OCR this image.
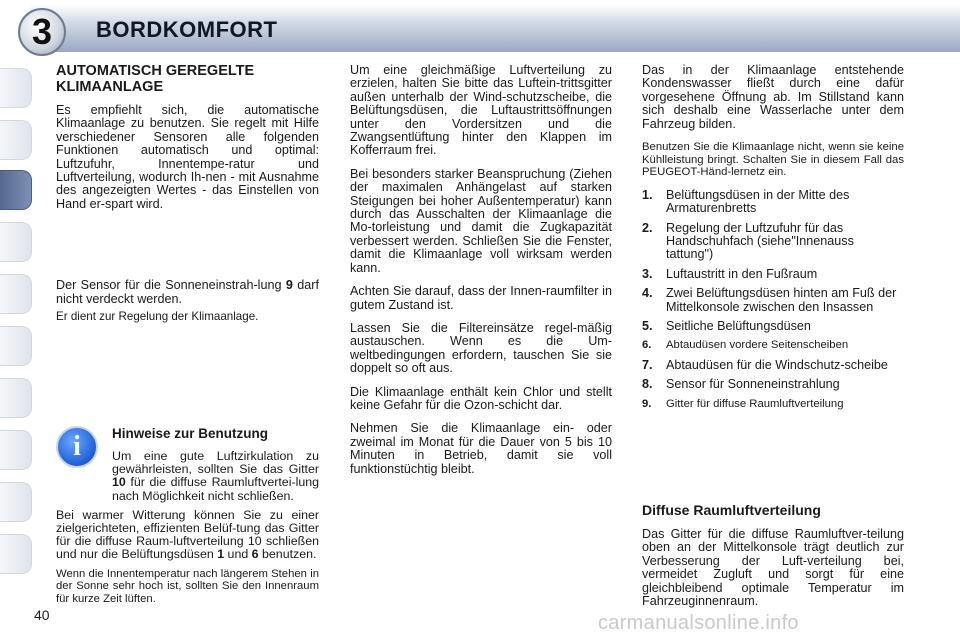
3 BORDKOMFORT
AUTOMATISCH GEREGELTE KLIMAANLAGE

Es empfiehlt sich, die automatische Klimaanlage zu benutzen. Sie regelt mit Hilfe verschiedener Sensoren alle folgenden Funktionen automatisch und optimal: Luftzufuhr, Innentempe-ratur und Luftverteilung, wodurch Ih-nen - mit Ausnahme des angezeigten Wertes - das Einstellen von Hand er-spart wird.

Der Sensor für die Sonneneinstrah-lung 9 darf nicht verdeckt werden.

Er dient zur Regelung der Klimaanlage.

i Hinweise zur Benutzung

Um eine gute Luftzirkulation zu gewährleisten, sollten Sie das Gitter 10 für die diffuse Raumluftvertei-lung nach Möglichkeit nicht schließen.

Bei warmer Witterung können Sie zu einer zielgerichteten, effizienten Belüf-tung das Gitter für die diffuse Raum-luftverteilung 10 schließen und nur die Belüftungsdüsen 1 und 6 benutzen.

Wenn die Innentemperatur nach längerem Stehen in der Sonne sehr hoch ist, sollten Sie den Innenraum für kurze Zeit lüften.

Um eine gleichmäßige Luftverteilung zu erzielen, halten Sie bitte das Luftein-trittsgitter außen unterhalb der Wind-schutzscheibe, die Belüftungsdüsen, die Luftaustrittsöffnungen unter den Vordersitzen und die Zwangsentlüftung hinter den Klappen im Kofferraum frei.

Bei besonders starker Beanspruchung (Ziehen der maximalen Anhängelast auf starken Steigungen bei hoher Außentemperatur) kann durch das Ausschalten der Klimaanlage die Mo-torleistung und damit die Zugkapazität verbessert werden. Schließen Sie die Fenster, damit die Klimaanlage voll wirksam werden kann.

Achten Sie darauf, dass der Innen-raumfilter in gutem Zustand ist.

Lassen Sie die Filtereinsätze regel-mäßig austauschen. Wenn es die Um-weltbedingungen erfordern, tauschen Sie sie doppelt so oft aus.

Die Klimaanlage enthält kein Chlor und stellt keine Gefahr für die Ozon-schicht dar.

Nehmen Sie die Klimaanlage ein- oder zweimal im Monat für die Dauer von 5 bis 10 Minuten in Betrieb, damit sie voll funktionstüchtig bleibt.

Das in der Klimaanlage entstehende Kondenswasser fließt durch eine dafür vorgesehene Öffnung ab. Im Stillstand kann sich deshalb eine Wasserlache unter dem Fahrzeug bilden.

Benutzen Sie die Klimaanlage nicht, wenn sie keine Kühlleistung bringt. Schalten Sie in diesem Fall das PEUGEOT-Händ-lernetz ein.

1.	Belüftungsdüsen in der Mitte des Armaturenbretts
2.	Regelung der Luftzufuhr für das Handschuhfach (siehe"Innenauss tattung")
3.	Luftaustritt in den Fußraum
4.	Zwei Belüftungsdüsen hinten am Fuß der Mittelkonsole zwischen den Insassen
5.	Seitliche Belüftungsdüsen
6.	Abtaudüsen vordere Seitenscheiben
7.	Abtaudüsen für die Windschutz-scheibe
8.	Sensor für Sonneneinstrahlung
9.	Gitter für diffuse Raumluftverteilung
Diffuse Raumluftverteilung

Das Gitter für die diffuse Raumluftver-teilung oben an der Mittelkonsole trägt deutlich zur Verbesserung der Luft-verteilung bei, vermeidet Zugluft und sorgt für eine gleichbleibend optimale Temperatur im Fahrzeuginnenraum.

40	carmanualsonline.info
